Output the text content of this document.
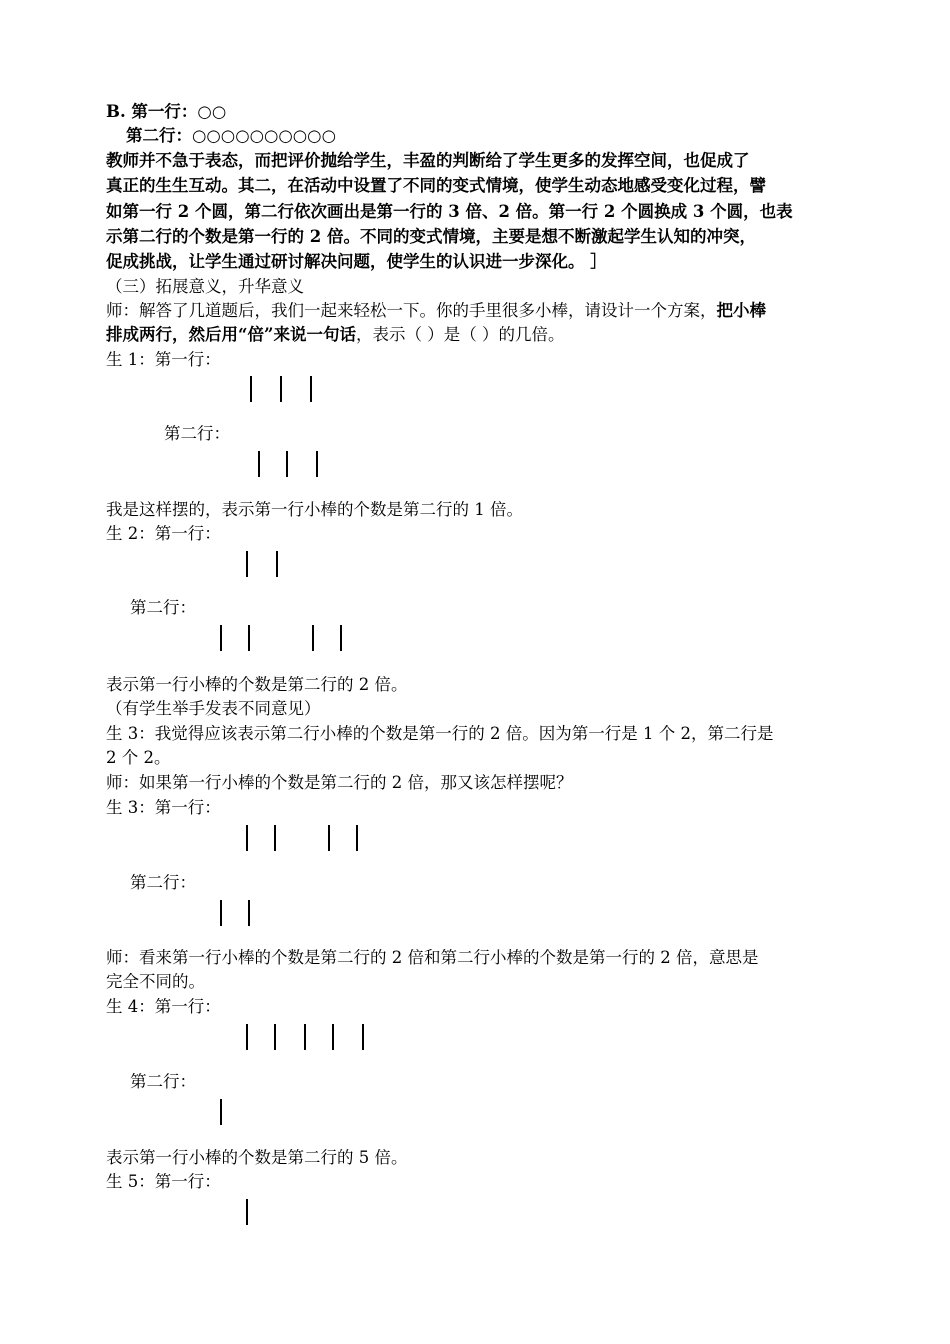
B. 第一行：○○
第二行：○○○○○○○○○○
教师并不急于表态，而把评价抛给学生，丰盈的判断给了学生更多的发挥空间，也促成了
真正的生生互动。其二，在活动中设置了不同的变式情境，使学生动态地感受变化过程，譬
如第一行 2 个圆，第二行依次画出是第一行的 3 倍、2 倍。第一行 2 个圆换成 3 个圆，也表
示第二行的个数是第一行的 2 倍。不同的变式情境，主要是想不断激起学生认知的冲突，
促成挑战，让学生通过研讨解决问题，使学生的认识进一步深化。 ］
（三）拓展意义，升华意义
师：解答了几道题后，我们一起来轻松一下。你的手里很多小棒，请设计一个方案，把小棒
排成两行，然后用“倍”来说一句话，表示（ ）是（ ）的几倍。
生 1：第一行：
第二行：
我是这样摆的，表示第一行小棒的个数是第二行的 1 倍。
生 2：第一行：
第二行：
表示第一行小棒的个数是第二行的 2 倍。
（有学生举手发表不同意见）
生 3：我觉得应该表示第二行小棒的个数是第一行的 2 倍。因为第一行是 1 个 2，第二行是
2 个 2。
师：如果第一行小棒的个数是第二行的 2 倍，那又该怎样摆呢？
生 3：第一行：
第二行：
师：看来第一行小棒的个数是第二行的 2 倍和第二行小棒的个数是第一行的 2 倍，意思是
完全不同的。
生 4：第一行：
第二行：
表示第一行小棒的个数是第二行的 5 倍。
生 5：第一行：
